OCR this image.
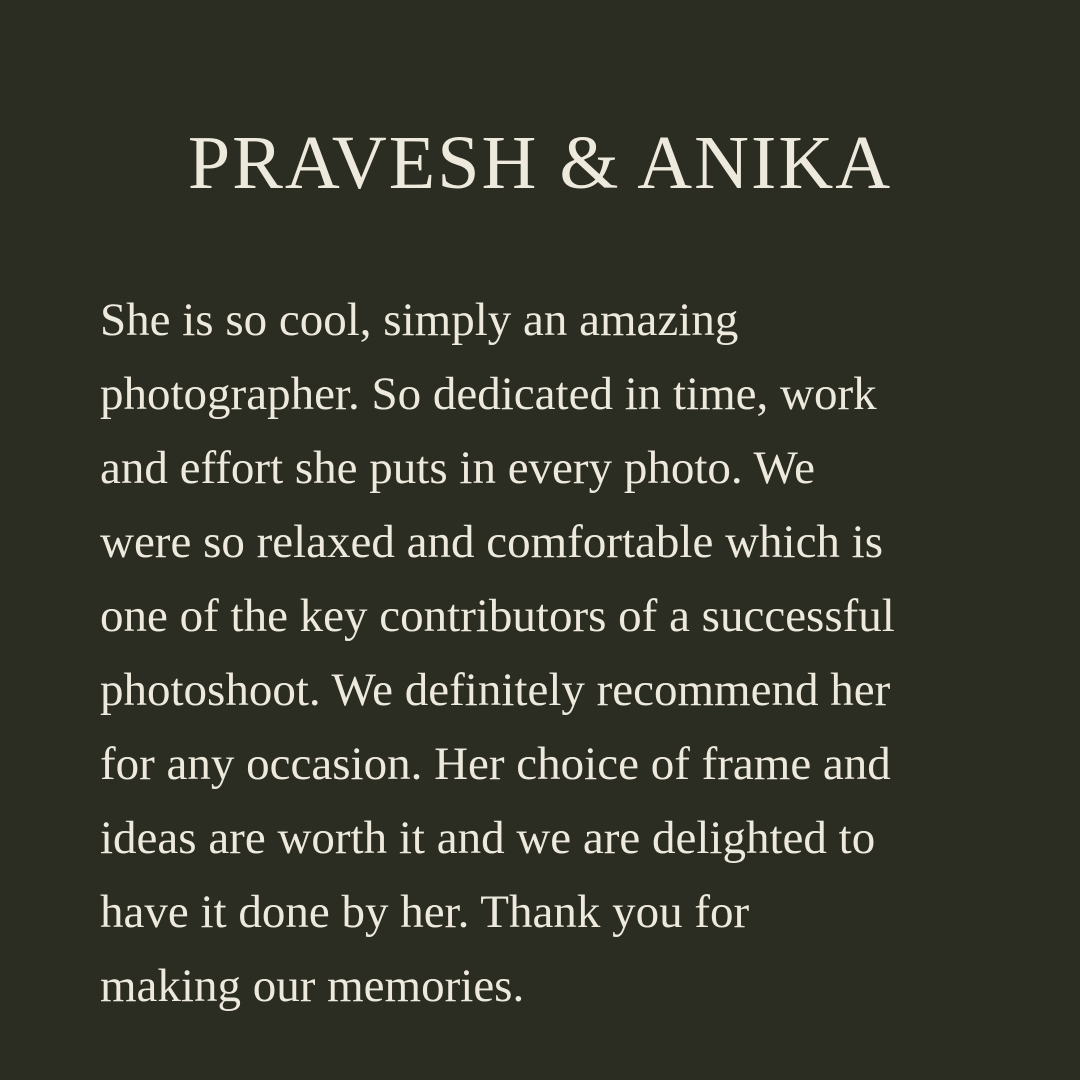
PRAVESH & ANIKA

She is so cool, simply an amazing
photographer. So dedicated in time, work
and effort she puts in every photo. We
were so relaxed and comfortable which is
one of the key contributors of a successful
photoshoot. We definitely recommend her
for any occasion. Her choice of frame and
ideas are worth it and we are delighted to
have it done by her. Thank you for
making our memories.
